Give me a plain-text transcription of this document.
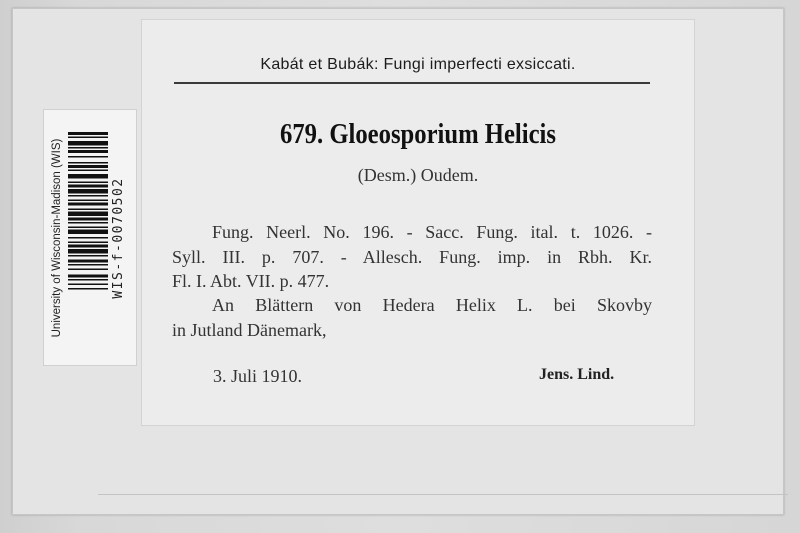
University of Wisconsin-Madison (WIS)	WIS-f-0070502
Kabát et Bubák: Fungi imperfecti exsiccati.
679. Gloeosporium Helicis
(Desm.) Oudem.
Fung. Neerl. No. 196. - Sacc. Fung. ital. t. 1026. -
Syll. III. p. 707. - Allesch. Fung. imp. in Rbh. Kr.
Fl. I. Abt. VII. p. 477.
An Blättern von Hedera Helix L. bei Skovby
in Jutland Dänemark,
3. Juli 1910.	Jens. Lind.
